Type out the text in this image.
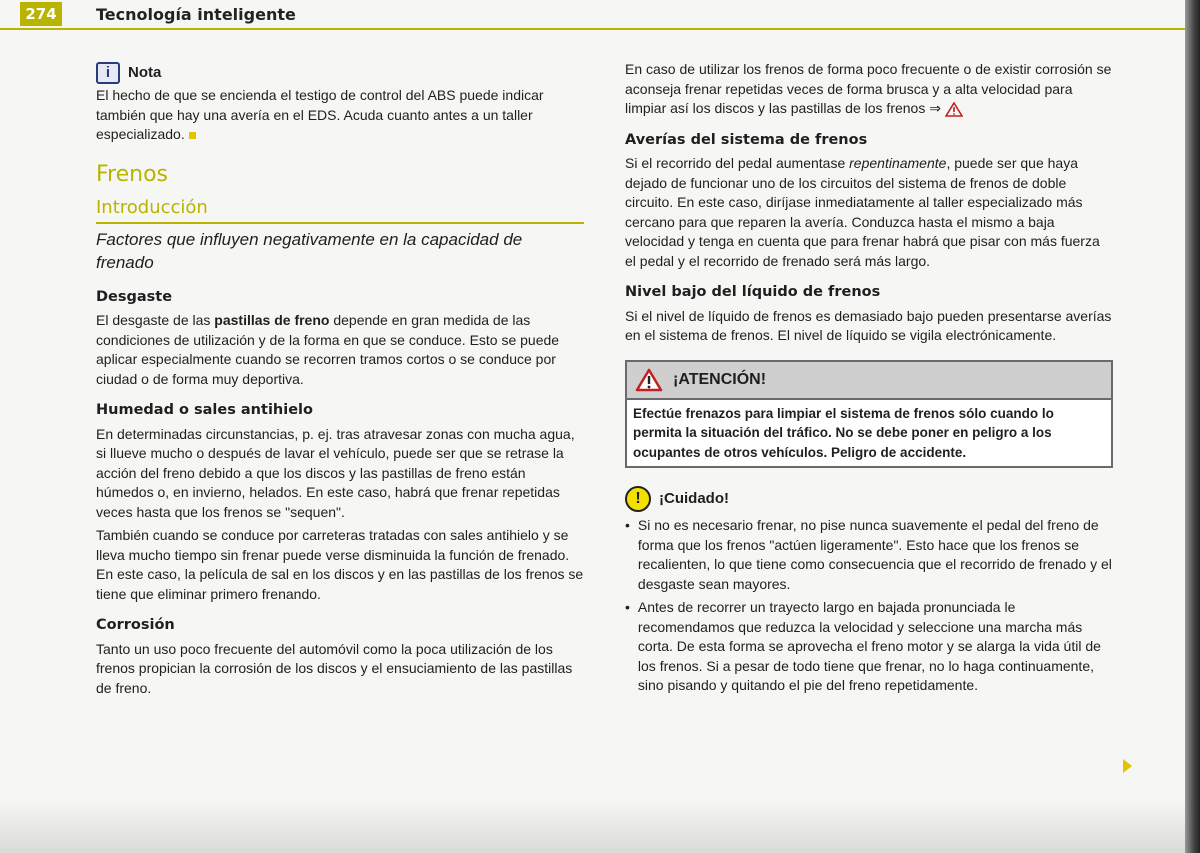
274	Tecnología inteligente
i	Nota

El hecho de que se encienda el testigo de control del ABS puede indicar también que hay una avería en el EDS. Acuda cuanto antes a un taller especializado.

Frenos
Introducción
Factores que influyen negativamente en la capacidad de frenado
Desgaste

El desgaste de las pastillas de freno depende en gran medida de las condiciones de utilización y de la forma en que se conduce. Esto se puede aplicar especialmente cuando se recorren tramos cortos o se conduce por ciudad o de forma muy deportiva.

Humedad o sales antihielo

En determinadas circunstancias, p. ej. tras atravesar zonas con mucha agua, si llueve mucho o después de lavar el vehículo, puede ser que se retrase la acción del freno debido a que los discos y las pastillas de freno están húmedos o, en invierno, helados. En este caso, habrá que frenar repetidas veces hasta que los frenos se "sequen".

También cuando se conduce por carreteras tratadas con sales antihielo y se lleva mucho tiempo sin frenar puede verse disminuida la función de frenado. En este caso, la película de sal en los discos y en las pastillas de los frenos se tiene que eliminar primero frenando.

Corrosión

Tanto un uso poco frecuente del automóvil como la poca utilización de los frenos propician la corrosión de los discos y el ensuciamiento de las pastillas de freno.

En caso de utilizar los frenos de forma poco frecuente o de existir corrosión se aconseja frenar repetidas veces de forma brusca y a alta velocidad para limpiar así los discos y las pastillas de los frenos ⇒

Averías del sistema de frenos

Si el recorrido del pedal aumentase repentinamente, puede ser que haya dejado de funcionar uno de los circuitos del sistema de frenos de doble circuito. En este caso, diríjase inmediatamente al taller especializado más cercano para que reparen la avería. Conduzca hasta el mismo a baja velocidad y tenga en cuenta que para frenar habrá que pisar con más fuerza el pedal y el recorrido de frenado será más largo.

Nivel bajo del líquido de frenos

Si el nivel de líquido de frenos es demasiado bajo pueden presentarse averías en el sistema de frenos. El nivel de líquido se vigila electrónicamente.

¡ATENCIÓN!
Efectúe frenazos para limpiar el sistema de frenos sólo cuando lo permita la situación del tráfico. No se debe poner en peligro a los ocupantes de otros vehículos. Peligro de accidente.
!	¡Cuidado!
• Si no es necesario frenar, no pise nunca suavemente el pedal del freno de forma que los frenos "actúen ligeramente". Esto hace que los frenos se recalienten, lo que tiene como consecuencia que el recorrido de frenado y el desgaste sean mayores.
• Antes de recorrer un trayecto largo en bajada pronunciada le recomendamos que reduzca la velocidad y seleccione una marcha más corta. De esta forma se aprovecha el freno motor y se alarga la vida útil de los frenos. Si a pesar de todo tiene que frenar, no lo haga continuamente, sino pisando y quitando el pie del freno repetidamente.
